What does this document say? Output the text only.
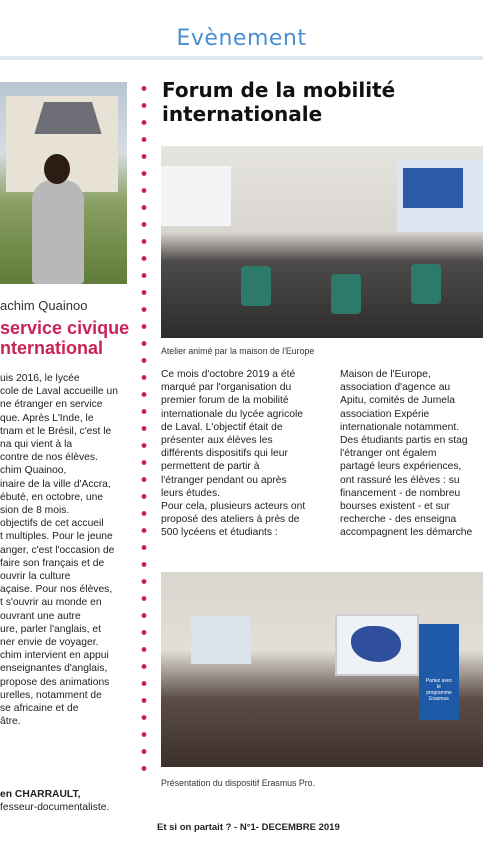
Evènement
achim Quainoo
service civique
nternational

uis 2016, le lycée

cole de Laval accueille un

ne étranger en service

que. Après L'Inde, le

tnam et le Brésil, c'est le

na qui vient à la

contre de nos élèves.

chim Quainoo,

inaire de la ville d'Accra,

ébuté, en octobre, une

sion de 8 mois.

objectifs de cet accueil

t multiples. Pour le jeune

anger, c'est l'occasion de

faire son français et de

ouvrir la culture

açaise. Pour nos élèves,

t s'ouvrir au monde en

ouvrant une autre

ure, parler l'anglais, et

ner envie de voyager.

chim intervient en appui

enseignantes d'anglais,

propose des animations

urelles, notamment de

se africaine et de

âtre.

en CHARRAULT,
fesseur-documentaliste.
Forum de la mobilité
internationale
Atelier animé par la maison de l'Europe

Ce mois d'octobre 2019 a été

marqué par l'organisation du

premier forum de la mobilité

internationale du lycée agricole

de Laval. L'objectif était de

présenter aux élèves les

différents dispositifs qui leur

permettent de partir à

l'étranger pendant ou après

leurs études.

Pour cela, plusieurs acteurs ont

proposé des ateliers à près de

500 lycéens et étudiants :

Maison de l'Europe,

association d'agence au

Apitu, comités de Jumela

association Expérie

internationale notamment.

Des étudiants partis en stag

l'étranger ont égalem

partagé leurs expériences,

ont rassuré les élèves : su

financement - de nombreu

bourses existent - et sur

recherche - des enseigna

accompagnent les démarche

Partez avec
le
programme
Erasmus
Présentation du dispositif Erasmus Pro.
Et si on partait ? - N°1- DECEMBRE 2019
